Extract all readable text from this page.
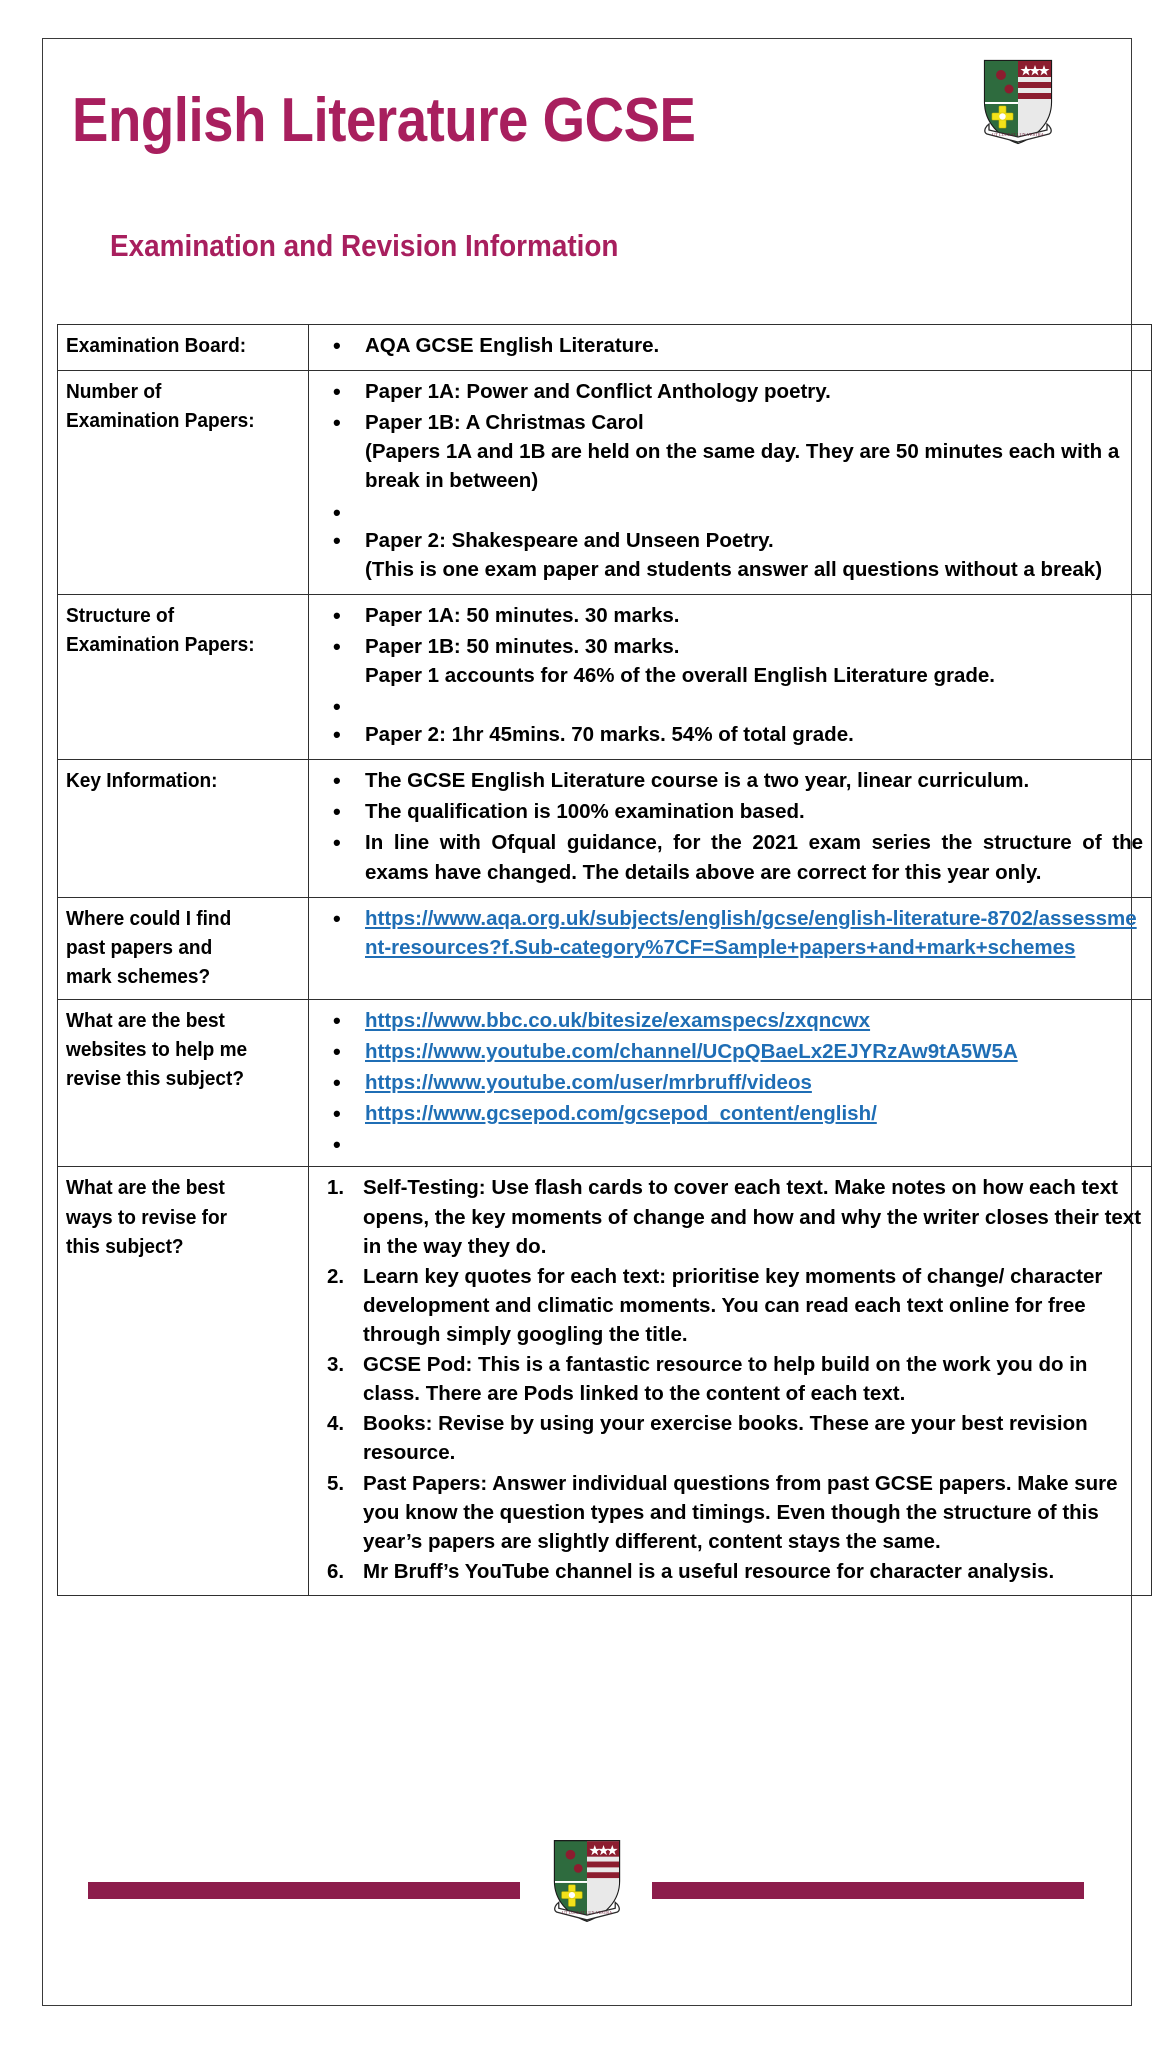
English Literature GCSE
Examination and Revision Information
UT LUCEAT LUX VESTRA
Examination Board:

•AQA GCSE English Literature.

Number of
Examination Papers:

• Paper 1A: Power and Conflict Anthology poetry.
• Paper 1B: A Christmas Carol
(Papers 1A and 1B are held on the same day. They are 50 minutes each with a break in between)
•
• Paper 2: Shakespeare and Unseen Poetry.
(This is one exam paper and students answer all questions without a break)

Structure of
Examination Papers:

• Paper 1A: 50 minutes. 30 marks.
• Paper 1B: 50 minutes. 30 marks.
Paper 1 accounts for 46% of the overall English Literature grade.
•
• Paper 2: 1hr 45mins. 70 marks. 54% of total grade.

Key Information:

•The GCSE English Literature course is a two year, linear curriculum.
• The qualification is 100% examination based.
• In line with Ofqual guidance, for the 2021 exam series the structure of the exams have changed. The details above are correct for this year only.

Where could I find
past papers and
mark schemes?

• https://www.aqa.org.uk/subjects/english/gcse/english-literature-8702/assessment-resources?f.Sub-category%7CF=Sample+papers+and+mark+schemes

What are the best
websites to help me
revise this subject?

• https://www.bbc.co.uk/bitesize/examspecs/zxqncwx
• https://www.youtube.com/channel/UCpQBaeLx2EJYRzAw9tA5W5A
• https://www.youtube.com/user/mrbruff/videos
• https://www.gcsepod.com/gcsepod_content/english/
•

What are the best
ways to revise for
this subject?

Self-Testing: Use flash cards to cover each text. Make notes on how each text opens, the key moments of change and how and why the writer closes their text in the way they do.
Learn key quotes for each text: prioritise key moments of change/ character development and climatic moments. You can read each text online for free through simply googling the title.
GCSE Pod: This is a fantastic resource to help build on the work you do in class. There are Pods linked to the content of each text.
Books: Revise by using your exercise books. These are your best revision resource.
Past Papers: Answer individual questions from past GCSE papers. Make sure you know the question types and timings. Even though the structure of this year’s papers are slightly different, content stays the same.
Mr Bruff’s YouTube channel is a useful resource for character analysis.
UT LUCEAT LUX VESTRA
